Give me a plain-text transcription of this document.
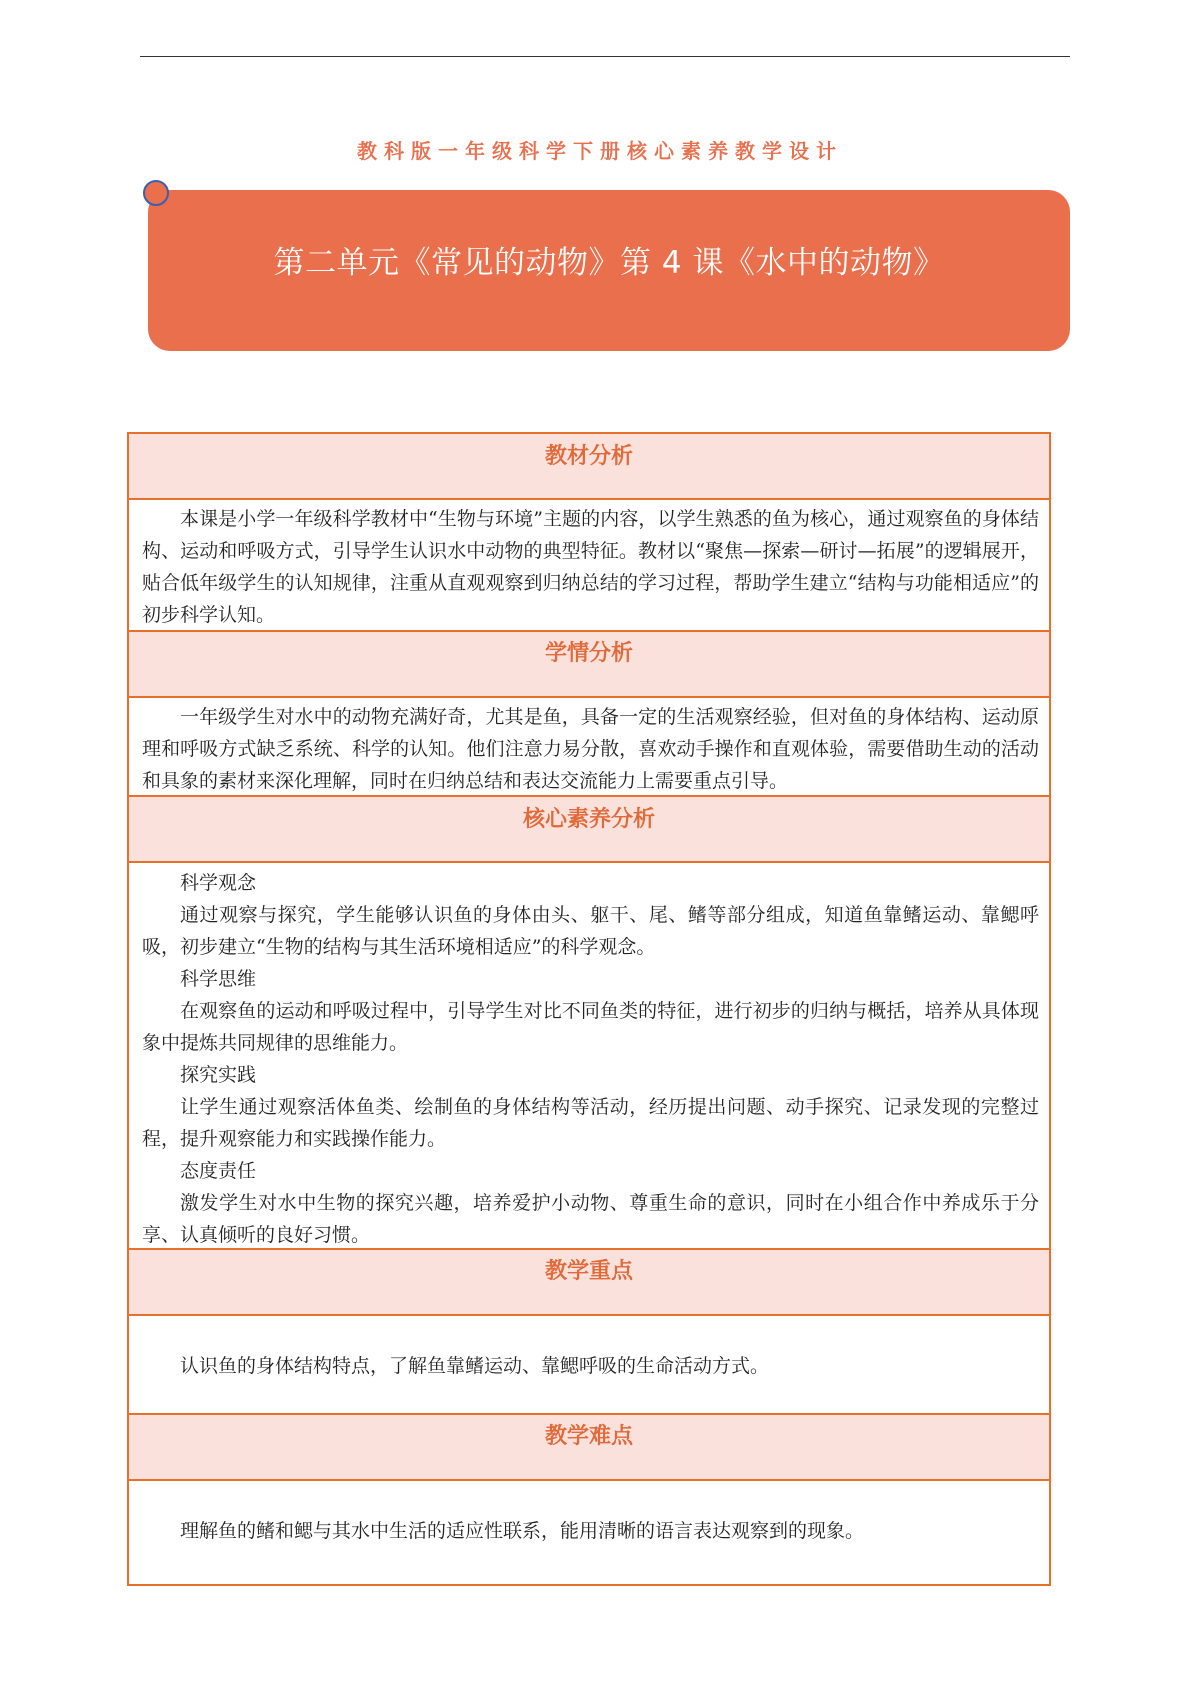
教科版一年级科学下册核心素养教学设计
第二单元《常见的动物》第 4 课《水中的动物》
教材分析

本课是小学一年级科学教材中“生物与环境”主题的内容，以学生熟悉的鱼为核心，通过观察鱼的身体结构、运动和呼吸方式，引导学生认识水中动物的典型特征。教材以“聚焦—探索—研讨—拓展”的逻辑展开，贴合低年级学生的认知规律，注重从直观观察到归纳总结的学习过程，帮助学生建立“结构与功能相适应”的初步科学认知。

学情分析

一年级学生对水中的动物充满好奇，尤其是鱼，具备一定的生活观察经验，但对鱼的身体结构、运动原理和呼吸方式缺乏系统、科学的认知。他们注意力易分散，喜欢动手操作和直观体验，需要借助生动的活动和具象的素材来深化理解，同时在归纳总结和表达交流能力上需要重点引导。

核心素养分析

科学观念

通过观察与探究，学生能够认识鱼的身体由头、躯干、尾、鳍等部分组成，知道鱼靠鳍运动、靠鳃呼吸，初步建立“生物的结构与其生活环境相适应”的科学观念。

科学思维

在观察鱼的运动和呼吸过程中，引导学生对比不同鱼类的特征，进行初步的归纳与概括，培养从具体现象中提炼共同规律的思维能力。

探究实践

让学生通过观察活体鱼类、绘制鱼的身体结构等活动，经历提出问题、动手探究、记录发现的完整过程，提升观察能力和实践操作能力。

态度责任

激发学生对水中生物的探究兴趣，培养爱护小动物、尊重生命的意识，同时在小组合作中养成乐于分享、认真倾听的良好习惯。

教学重点

认识鱼的身体结构特点，了解鱼靠鳍运动、靠鳃呼吸的生命活动方式。

教学难点

理解鱼的鳍和鳃与其水中生活的适应性联系，能用清晰的语言表达观察到的现象。
